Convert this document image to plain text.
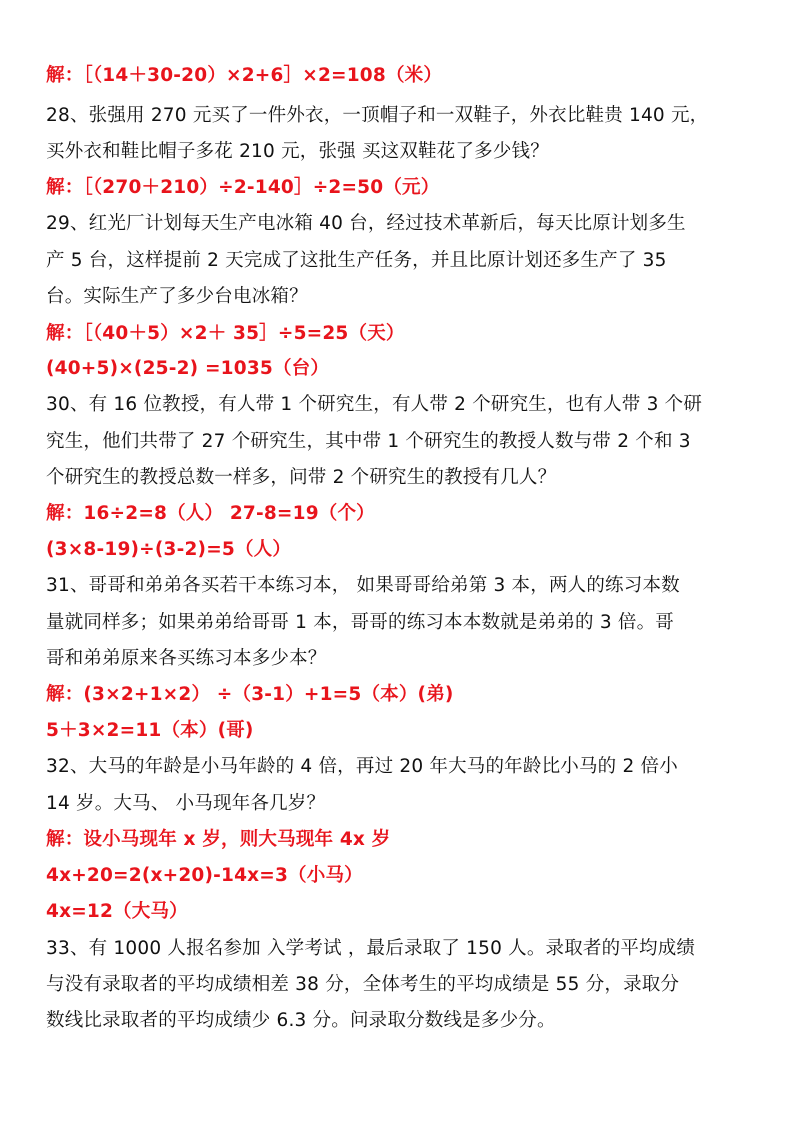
解：［（14＋30-20）×2+6］×2=108（米）
28、张强用 270 元买了一件外衣，一顶帽子和一双鞋子，外衣比鞋贵 140 元，
买外衣和鞋比帽子多花 210 元，张强 买这双鞋花了多少钱？
解：［（270＋210）÷2-140］÷2=50（元）
29、红光厂计划每天生产电冰箱 40 台，经过技术革新后，每天比原计划多生
产 5 台，这样提前 2 天完成了这批生产任务，并且比原计划还多生产了 35
台。实际生产了多少台电冰箱？
解：［（40＋5）×2＋ 35］÷5=25（天）
(40+5)×(25-2) =1035（台）
30、有 16 位教授，有人带 1 个研究生，有人带 2 个研究生，也有人带 3 个研
究生，他们共带了 27 个研究生，其中带 1 个研究生的教授人数与带 2 个和 3
个研究生的教授总数一样多，问带 2 个研究生的教授有几人？
解：16÷2=8（人） 27-8=19（个）
(3×8-19)÷(3-2)=5（人）
31、哥哥和弟弟各买若干本练习本， 如果哥哥给弟第 3 本，两人的练习本数
量就同样多；如果弟弟给哥哥 1 本，哥哥的练习本本数就是弟弟的 3 倍。哥
哥和弟弟原来各买练习本多少本？
解：(3×2+1×2） ÷（3-1）+1=5（本）(弟)
5＋3×2=11（本）(哥)
32、大马的年龄是小马年龄的 4 倍，再过 20 年大马的年龄比小马的 2 倍小
14 岁。大马、 小马现年各几岁？
解：设小马现年 x 岁，则大马现年 4x 岁
4x+20=2(x+20)-14x=3（小马）
4x=12（大马）
33、有 1000 人报名参加 入学考试 ，最后录取了 150 人。录取者的平均成绩
与没有录取者的平均成绩相差 38 分，全体考生的平均成绩是 55 分，录取分
数线比录取者的平均成绩少 6.3 分。问录取分数线是多少分。
